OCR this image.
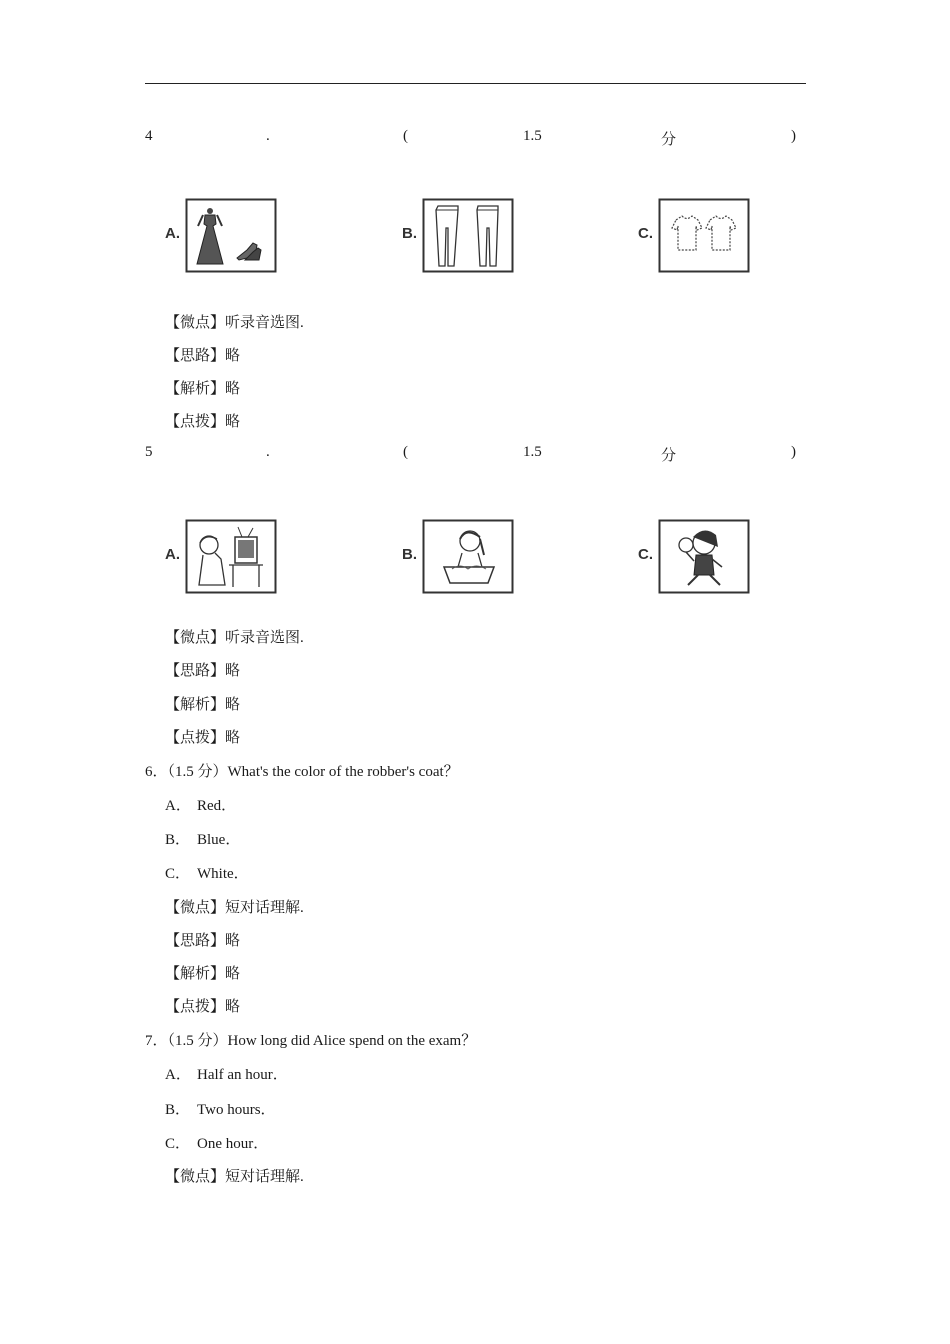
4	.	(	1.5	分	)
A.	B.	C.
【微点】听录音选图.
【思路】略
【解析】略
【点拨】略
5	.	(	1.5	分	)
A.	B.	C.
【微点】听录音选图.
【思路】略
【解析】略
【点拨】略
6．（1.5 分）What's the color of the robber's coat？
A． Red．
B． Blue．
C． White．
【微点】短对话理解.
【思路】略
【解析】略
【点拨】略
7．（1.5 分）How long did Alice spend on the exam？
A． Half an hour．
B． Two hours．
C． One hour．
【微点】短对话理解.
